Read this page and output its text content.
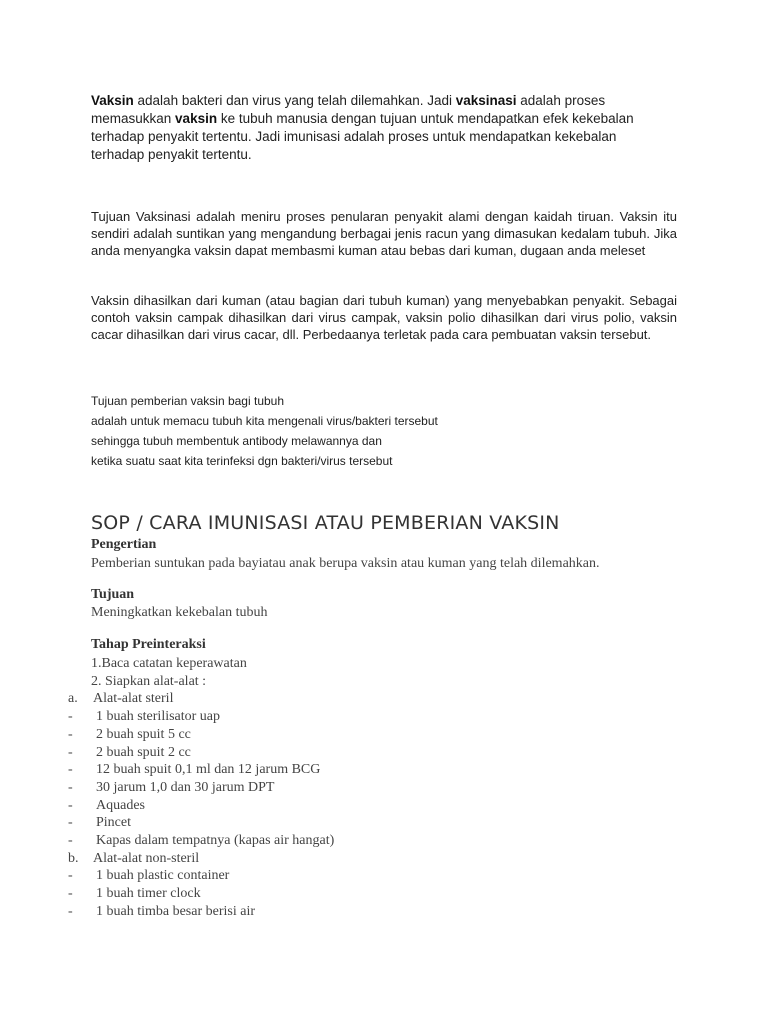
Vaksin adalah bakteri dan virus yang telah dilemahkan. Jadi vaksinasi adalah proses memasukkan vaksin ke tubuh manusia dengan tujuan untuk mendapatkan efek kekebalan terhadap penyakit tertentu. Jadi imunisasi adalah proses untuk mendapatkan kekebalan terhadap penyakit tertentu.
Tujuan Vaksinasi adalah meniru proses penularan penyakit alami dengan kaidah tiruan. Vaksin itu sendiri adalah suntikan yang mengandung berbagai jenis racun yang dimasukan kedalam tubuh. Jika anda menyangka vaksin dapat membasmi kuman atau bebas dari kuman, dugaan anda meleset
Vaksin dihasilkan dari kuman (atau bagian dari tubuh kuman) yang menyebabkan penyakit. Sebagai contoh vaksin campak dihasilkan dari virus campak, vaksin polio dihasilkan dari virus polio, vaksin cacar dihasilkan dari virus cacar, dll. Perbedaanya terletak pada cara pembuatan vaksin tersebut.
Tujuan pemberian vaksin bagi tubuh
adalah untuk memacu tubuh kita mengenali virus/bakteri tersebut
sehingga tubuh membentuk antibody melawannya dan
ketika suatu saat kita terinfeksi dgn bakteri/virus tersebut
SOP / CARA IMUNISASI ATAU PEMBERIAN VAKSIN
Pengertian
Pemberian suntukan pada bayiatau anak berupa vaksin atau kuman yang telah dilemahkan.
Tujuan
Meningkatkan kekebalan tubuh
Tahap Preinteraksi
1.Baca catatan keperawatan
2. Siapkan alat-alat :
a. Alat-alat steril
- 1 buah sterilisator uap
- 2 buah spuit 5 cc
- 2 buah spuit 2 cc
- 12 buah spuit 0,1 ml dan 12 jarum BCG
- 30 jarum 1,0 dan 30 jarum DPT
- Aquades
- Pincet
- Kapas dalam tempatnya (kapas air hangat)
b. Alat-alat non-steril
- 1 buah plastic container
- 1 buah timer clock
- 1 buah timba besar berisi air
